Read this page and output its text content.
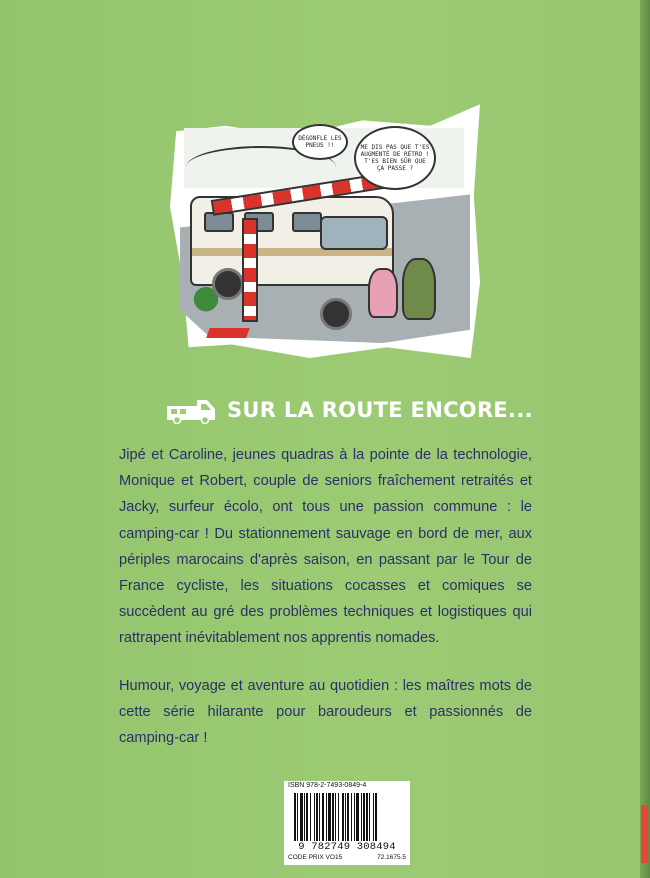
DÉGONFLE LES PNEUS !!	ME DIS PAS QUE T'ES AUGMENTÉ DE RÉTRO ! T'ES BIEN SÛR QUE ÇA PASSE ?
SUR LA ROUTE ENCORE...

Jipé et Caroline, jeunes quadras à la pointe de la technologie, Monique et Robert, couple de seniors fraîchement retraités et Jacky, surfeur écolo, ont tous une passion commune : le camping-car ! Du stationnement sauvage en bord de mer, aux périples marocains d'après saison, en passant par le Tour de France cycliste, les situations cocasses et comiques se succèdent au gré des problèmes techniques et logistiques qui rattrapent inévitablement nos apprentis nomades.

Humour, voyage et aventure au quotidien : les maîtres mots de cette série hilarante pour baroudeurs et passionnés de camping-car !

ISBN 978-2-7493-0849-4
9 782749 308494
CODE PRIX VO15	72.1675.5
